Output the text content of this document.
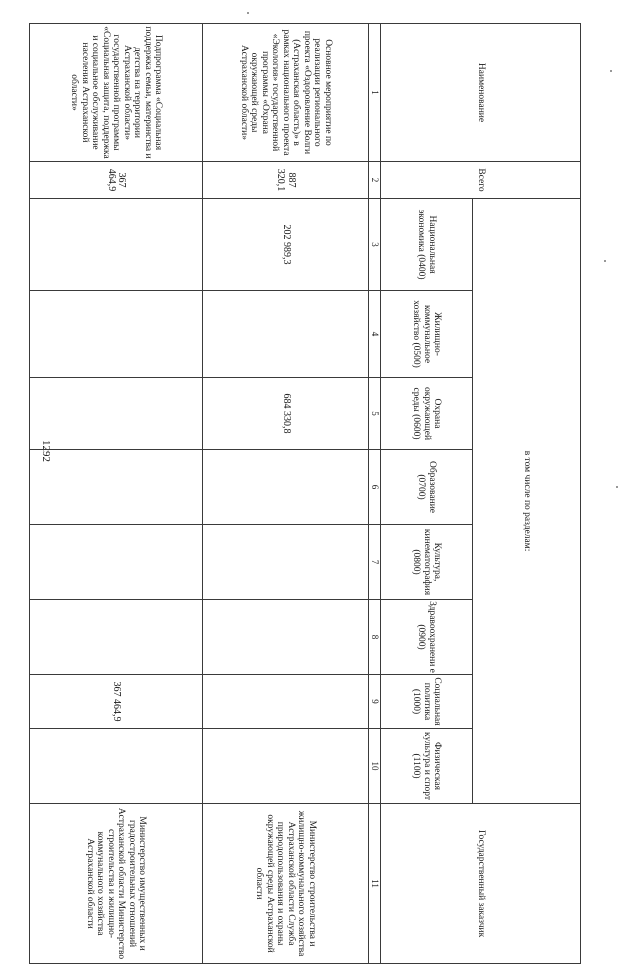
1292
Наименование	Всего	в том числе по разделам:								Государственный заказчик
		Национальная экономика (0400)	Жилищно-коммунальное хозяйство (0500)	Охрана окружающей среды (0600)	Образование (0700)	Культура, кинематография (0800)	Здравоохранени е (0900)	Социальная политика (1000)	Физическая культура и спорт (1100)	
1	2	3	4	5	6	7	8	9	10	11
Основное мероприятие по реализации регионального проекта «Оздоровление Волги (Астраханская область)» в рамках национального проекта «Экология» государственной программы «Охрана окружающей среды Астраханской области»	887 320,1	202 989,3		684 330,8						Министерство строительства и жилищно-коммунального хозяйства Астраханской области Служба природопользования и охраны окружающей среды Астраханской области
Подпрограмма «Социальная поддержка семьи, материнства и детства на территории Астраханской области» государственной программы «Социальная защита, поддержка и социальное обслуживание населения Астраханской области»	367 464,9							367 464,9		Министерство имущественных и градостроительных отношений Астраханской области Министерство строительства и жилищно-коммунального хозяйства Астраханской области
